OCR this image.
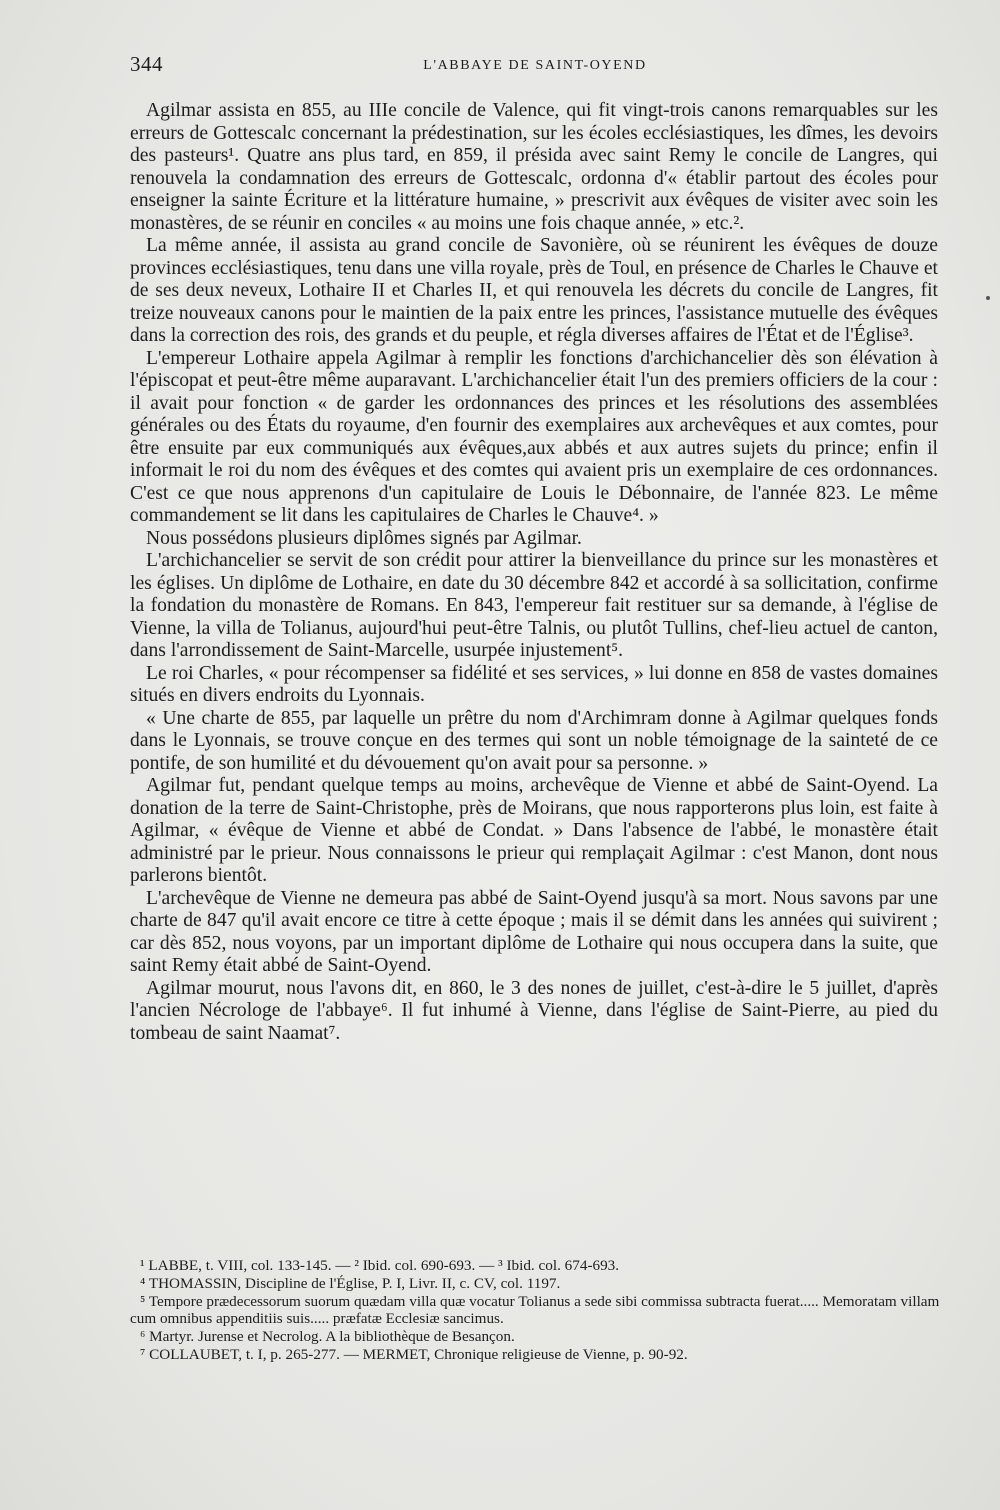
344	L'ABBAYE DE SAINT-OYEND

Agilmar assista en 855, au IIIe concile de Valence, qui fit vingt-trois canons remarquables sur les erreurs de Gottescalc concernant la prédestination, sur les écoles ecclésiastiques, les dîmes, les devoirs des pasteurs¹. Quatre ans plus tard, en 859, il présida avec saint Remy le concile de Langres, qui renouvela la condamnation des erreurs de Gottescalc, ordonna d'« établir partout des écoles pour enseigner la sainte Écriture et la littérature humaine, » prescrivit aux évêques de visiter avec soin les monastères, de se réunir en conciles « au moins une fois chaque année, » etc.².

La même année, il assista au grand concile de Savonière, où se réunirent les évêques de douze provinces ecclésiastiques, tenu dans une villa royale, près de Toul, en présence de Charles le Chauve et de ses deux neveux, Lothaire II et Charles II, et qui renouvela les décrets du concile de Langres, fit treize nouveaux canons pour le maintien de la paix entre les princes, l'assistance mutuelle des évêques dans la correction des rois, des grands et du peuple, et régla diverses affaires de l'État et de l'Église³.

L'empereur Lothaire appela Agilmar à remplir les fonctions d'archichancelier dès son élévation à l'épiscopat et peut-être même auparavant. L'archichancelier était l'un des premiers officiers de la cour : il avait pour fonction « de garder les ordonnances des princes et les résolutions des assemblées générales ou des États du royaume, d'en fournir des exemplaires aux archevêques et aux comtes, pour être ensuite par eux communiqués aux évêques,aux abbés et aux autres sujets du prince; enfin il informait le roi du nom des évêques et des comtes qui avaient pris un exemplaire de ces ordonnances. C'est ce que nous apprenons d'un capitulaire de Louis le Débonnaire, de l'année 823. Le même commandement se lit dans les capitulaires de Charles le Chauve⁴. »

Nous possédons plusieurs diplômes signés par Agilmar.

L'archichancelier se servit de son crédit pour attirer la bienveillance du prince sur les monastères et les églises. Un diplôme de Lothaire, en date du 30 décembre 842 et accordé à sa sollicitation, confirme la fondation du monastère de Romans. En 843, l'empereur fait restituer sur sa demande, à l'église de Vienne, la villa de Tolianus, aujourd'hui peut-être Talnis, ou plutôt Tullins, chef-lieu actuel de canton, dans l'arrondissement de Saint-Marcelle, usurpée injustement⁵.

Le roi Charles, « pour récompenser sa fidélité et ses services, » lui donne en 858 de vastes domaines situés en divers endroits du Lyonnais.

« Une charte de 855, par laquelle un prêtre du nom d'Archimram donne à Agilmar quelques fonds dans le Lyonnais, se trouve conçue en des termes qui sont un noble témoignage de la sainteté de ce pontife, de son humilité et du dévouement qu'on avait pour sa personne. »

Agilmar fut, pendant quelque temps au moins, archevêque de Vienne et abbé de Saint-Oyend. La donation de la terre de Saint-Christophe, près de Moirans, que nous rapporterons plus loin, est faite à Agilmar, « évêque de Vienne et abbé de Condat. » Dans l'absence de l'abbé, le monastère était administré par le prieur. Nous connaissons le prieur qui remplaçait Agilmar : c'est Manon, dont nous parlerons bientôt.

L'archevêque de Vienne ne demeura pas abbé de Saint-Oyend jusqu'à sa mort. Nous savons par une charte de 847 qu'il avait encore ce titre à cette époque ; mais il se démit dans les années qui suivirent ; car dès 852, nous voyons, par un important diplôme de Lothaire qui nous occupera dans la suite, que saint Remy était abbé de Saint-Oyend.

Agilmar mourut, nous l'avons dit, en 860, le 3 des nones de juillet, c'est-à-dire le 5 juillet, d'après l'ancien Nécrologe de l'abbaye⁶. Il fut inhumé à Vienne, dans l'église de Saint-Pierre, au pied du tombeau de saint Naamat⁷.

¹ LABBE, t. VIII, col. 133-145. — ² Ibid. col. 690-693. — ³ Ibid. col. 674-693.

⁴ THOMASSIN, Discipline de l'Église, P. I, Livr. II, c. CV, col. 1197.

⁵ Tempore prædecessorum suorum quædam villa quæ vocatur Tolianus a sede sibi commissa subtracta fuerat..... Memoratam villam cum omnibus appenditiis suis..... præfatæ Ecclesiæ sancimus.

⁶ Martyr. Jurense et Necrolog. A la bibliothèque de Besançon.

⁷ COLLAUBET, t. I, p. 265-277. — MERMET, Chronique religieuse de Vienne, p. 90-92.
